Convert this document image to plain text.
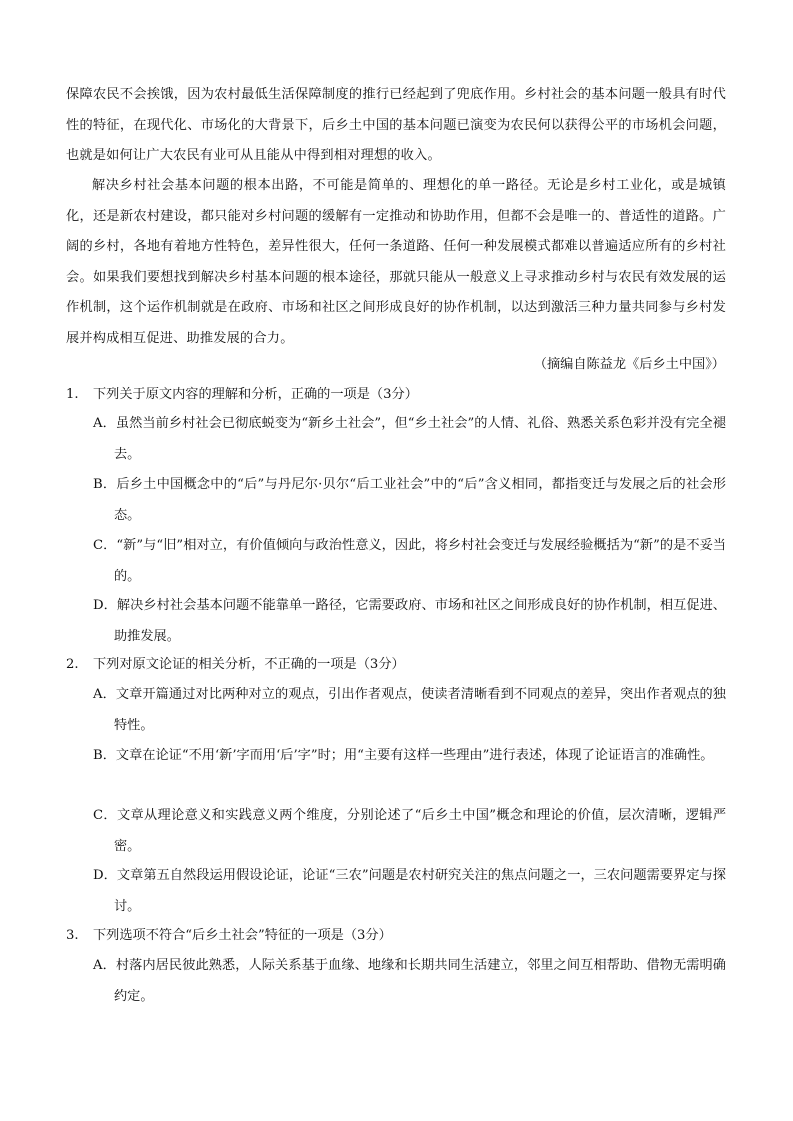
保障农民不会挨饿，因为农村最低生活保障制度的推行已经起到了兜底作用。乡村社会的基本问题一般具有时代性的特征，在现代化、市场化的大背景下，后乡土中国的基本问题已演变为农民何以获得公平的市场机会问题，也就是如何让广大农民有业可从且能从中得到相对理想的收入。

解决乡村社会基本问题的根本出路，不可能是简单的、理想化的单一路径。无论是乡村工业化，或是城镇化，还是新农村建设，都只能对乡村问题的缓解有一定推动和协助作用，但都不会是唯一的、普适性的道路。广阔的乡村，各地有着地方性特色，差异性很大，任何一条道路、任何一种发展模式都难以普遍适应所有的乡村社会。如果我们要想找到解决乡村基本问题的根本途径，那就只能从一般意义上寻求推动乡村与农民有效发展的运作机制，这个运作机制就是在政府、市场和社区之间形成良好的协作机制，以达到激活三种力量共同参与乡村发展并构成相互促进、助推发展的合力。

（摘编自陈益龙《后乡土中国》）
1. 下列关于原文内容的理解和分析，正确的一项是（3分）
A．虽然当前乡村社会已彻底蜕变为“新乡土社会”，但“乡土社会”的人情、礼俗、熟悉关系色彩并没有完全褪去。
B．后乡土中国概念中的“后”与丹尼尔·贝尔“后工业社会”中的“后”含义相同，都指变迁与发展之后的社会形态。
C．“新”与“旧”相对立，有价值倾向与政治性意义，因此，将乡村社会变迁与发展经验概括为“新”的是不妥当的。
D．解决乡村社会基本问题不能靠单一路径，它需要政府、市场和社区之间形成良好的协作机制，相互促进、助推发展。
2. 下列对原文论证的相关分析，不正确的一项是（3分）
A．文章开篇通过对比两种对立的观点，引出作者观点，使读者清晰看到不同观点的差异，突出作者观点的独特性。
B．文章在论证“不用‘新’字而用‘后’字”时；用“主要有这样一些理由”进行表述，体现了论证语言的准确性。
C．文章从理论意义和实践意义两个维度，分别论述了“后乡土中国”概念和理论的价值，层次清晰，逻辑严密。
D．文章第五自然段运用假设论证，论证“三农”问题是农村研究关注的焦点问题之一，三农问题需要界定与探讨。
3. 下列选项不符合“后乡土社会”特征的一项是（3分）
A．村落内居民彼此熟悉，人际关系基于血缘、地缘和长期共同生活建立，邻里之间互相帮助、借物无需明确约定。
